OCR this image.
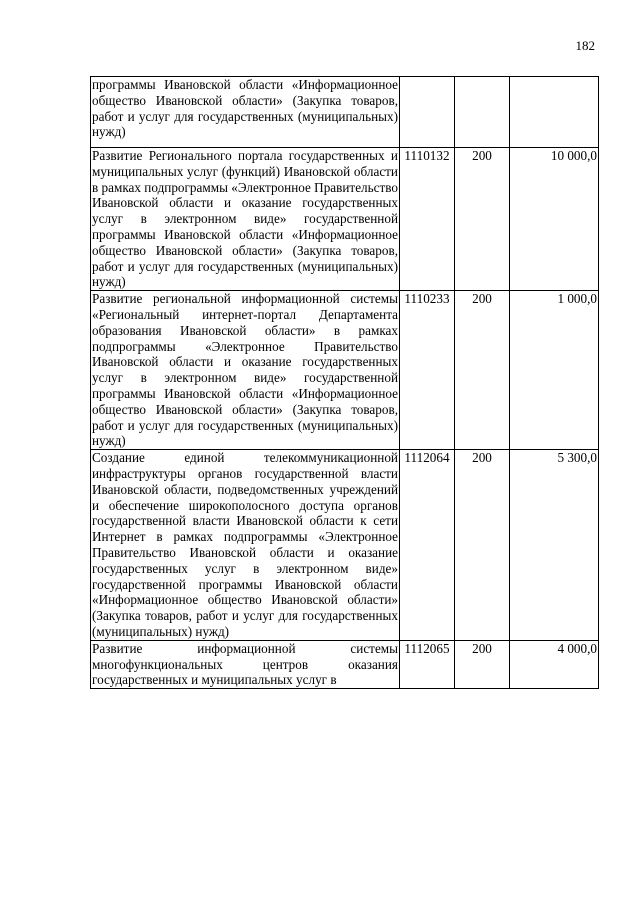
182
программы Ивановской области «Информационное общество Ивановской области» (Закупка товаров, работ и услуг для государственных (муниципальных) нужд)			
Развитие Регионального портала государственных и муниципальных услуг (функций) Ивановской области в рамках подпрограммы «Электронное Правительство Ивановской области и оказание государственных услуг в электронном виде» государственной программы Ивановской области «Информационное общество Ивановской области» (Закупка товаров, работ и услуг для государственных (муниципальных) нужд)	1110132	200	10 000,0
Развитие региональной информационной системы «Региональный интернет-портал Департамента образования Ивановской области» в рамках подпрограммы «Электронное Правительство Ивановской области и оказание государственных услуг в электронном виде» государственной программы Ивановской области «Информационное общество Ивановской области» (Закупка товаров, работ и услуг для государственных (муниципальных) нужд)	1110233	200	1 000,0
Создание единой телекоммуникационной инфраструктуры органов государственной власти Ивановской области, подведомственных учреждений и обеспечение широкополосного доступа органов государственной власти Ивановской области к сети Интернет в рамках подпрограммы «Электронное Правительство Ивановской области и оказание государственных услуг в электронном виде» государственной программы Ивановской области «Информационное общество Ивановской области» (Закупка товаров, работ и услуг для государственных (муниципальных) нужд)	1112064	200	5 300,0
Развитие информационной системы многофункциональных центров оказания государственных и муниципальных услуг в	1112065	200	4 000,0
